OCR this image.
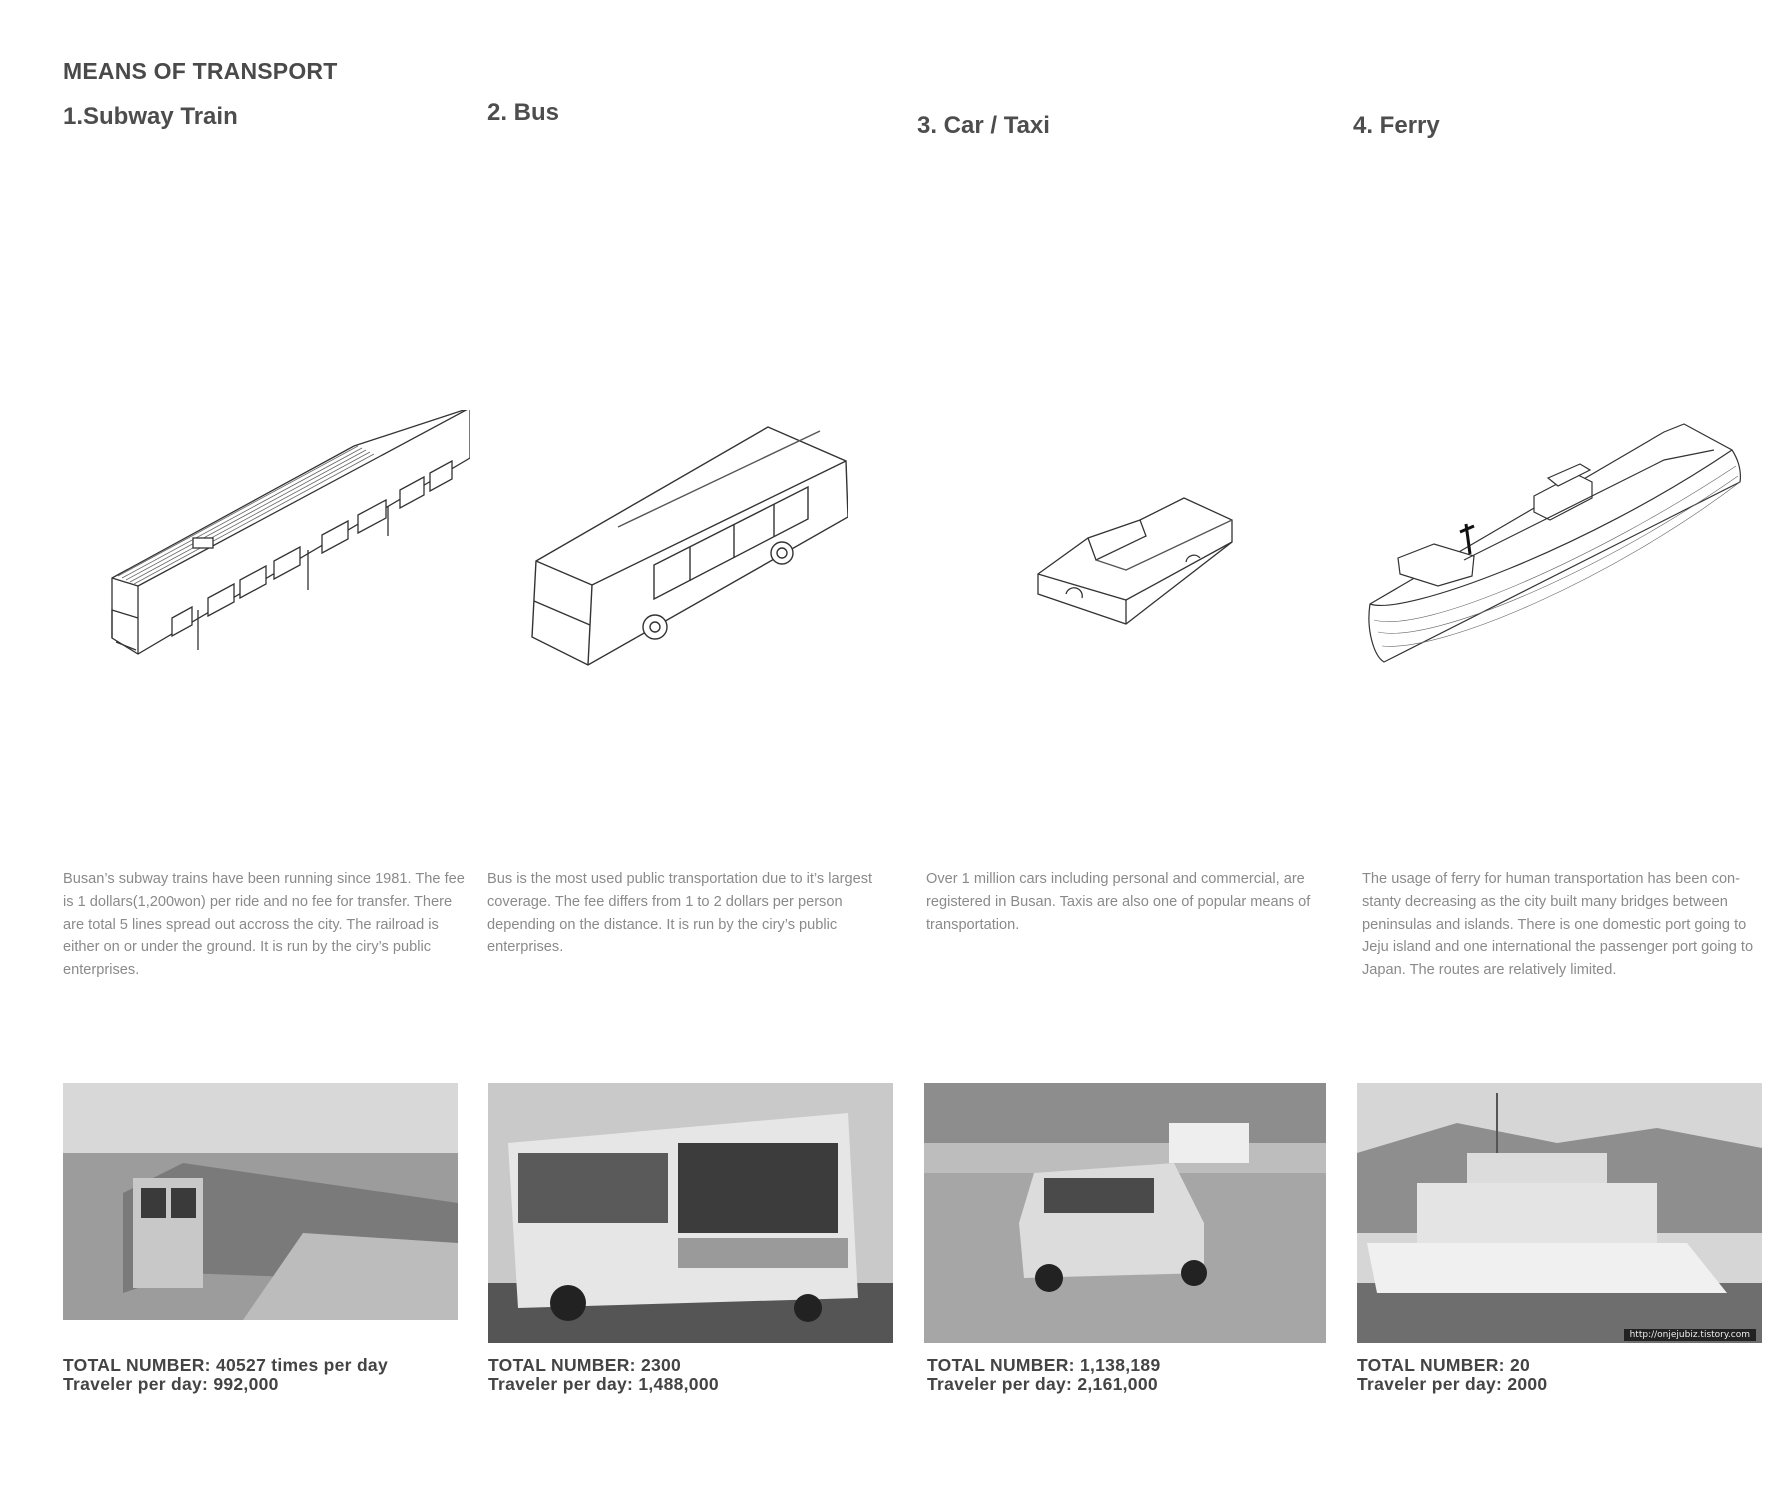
MEANS OF TRANSPORT
1.Subway Train	2. Bus	3. Car / Taxi	4. Ferry
Busan’s subway trains have been running since 1981. The fee is 1 dollars(1,200won) per ride and no fee for transfer. There are total 5 lines spread out accross the city. The railroad is either on or under the ground. It is run by the ciry’s public enterprises.
Bus is the most used public transportation due to it’s largest coverage. The fee differs from 1 to 2 dollars per person depending on the distance. It is run by the ciry’s public enterprises.
Over 1 million cars including personal and commercial, are registered in Busan. Taxis are also one of popular means of transportation.
The usage of ferry for human transportation has been con-stanty decreasing as the city built many bridges between peninsulas and islands. There is one domestic port going to Jeju island and one international the passenger port going to Japan. The routes are relatively limited.
http://onjejubiz.tistory.com
TOTAL NUMBER: 40527 times per day
Traveler per day: 992,000
TOTAL NUMBER: 2300
Traveler per day: 1,488,000
TOTAL NUMBER: 1,138,189
Traveler per day: 2,161,000
TOTAL NUMBER: 20
Traveler per day: 2000
